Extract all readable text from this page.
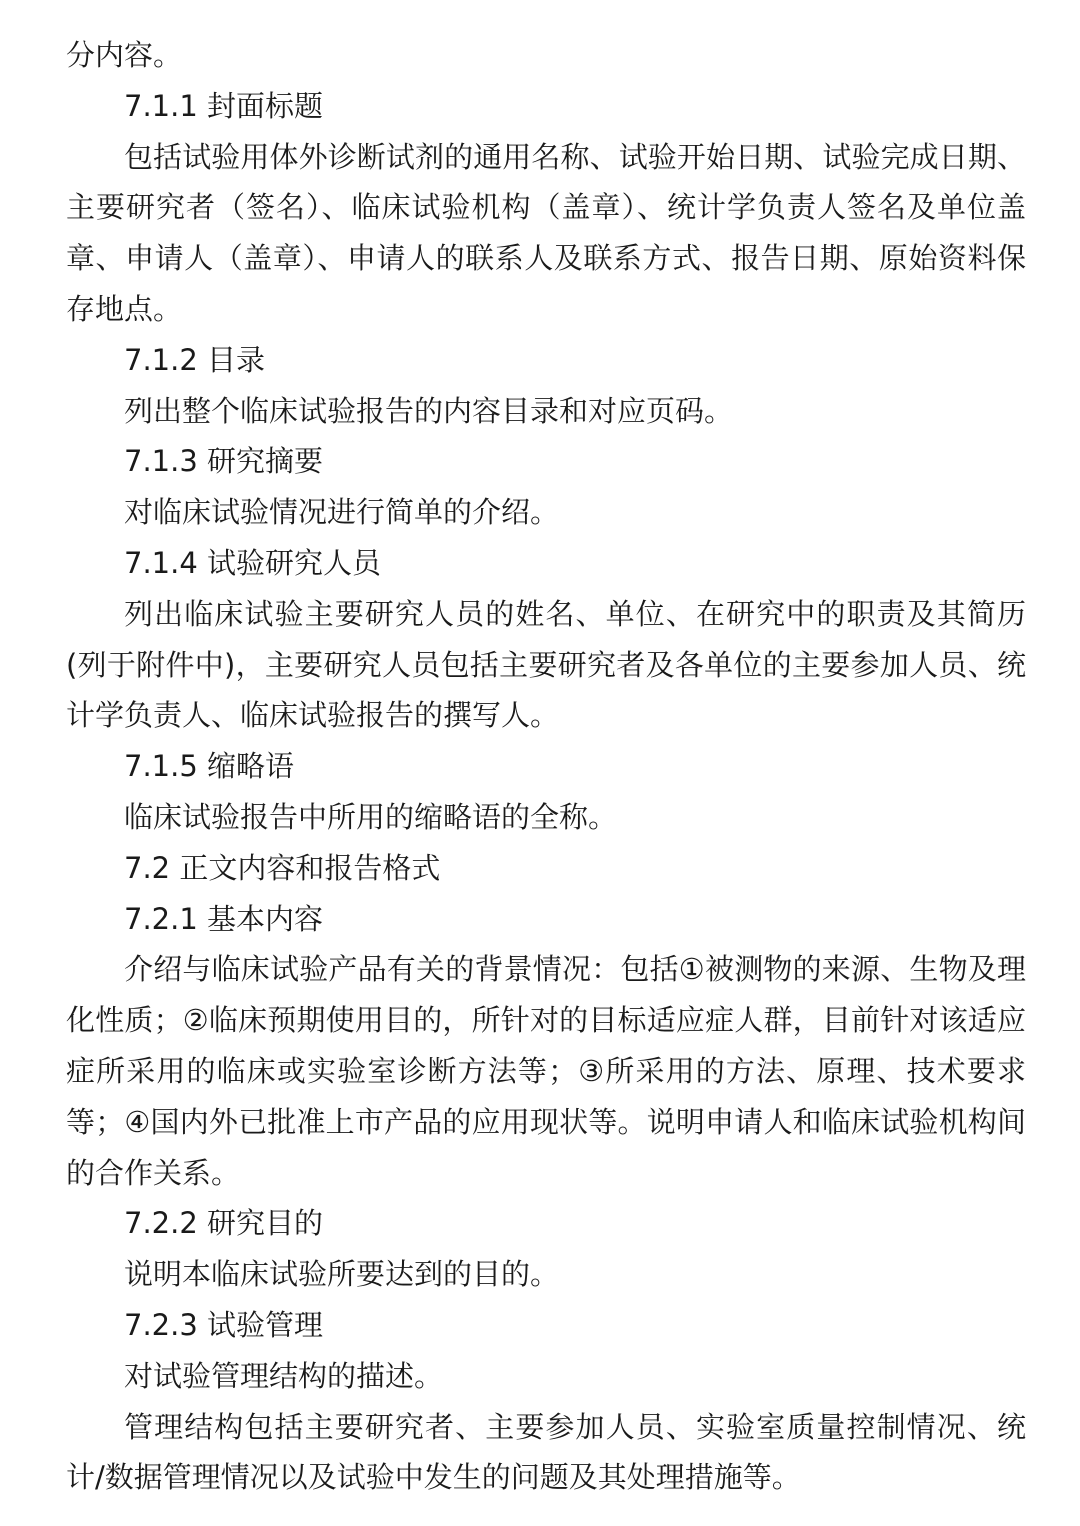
分内容。

7.1.1 封面标题

包括试验用体外诊断试剂的通用名称、试验开始日期、试验完成日期、主要研究者（签名）、临床试验机构（盖章）、统计学负责人签名及单位盖章、申请人（盖章）、申请人的联系人及联系方式、报告日期、原始资料保存地点。

7.1.2 目录

列出整个临床试验报告的内容目录和对应页码。

7.1.3 研究摘要

对临床试验情况进行简单的介绍。

7.1.4 试验研究人员

列出临床试验主要研究人员的姓名、单位、在研究中的职责及其简历(列于附件中)，主要研究人员包括主要研究者及各单位的主要参加人员、统计学负责人、临床试验报告的撰写人。

7.1.5 缩略语

临床试验报告中所用的缩略语的全称。

7.2 正文内容和报告格式

7.2.1 基本内容

介绍与临床试验产品有关的背景情况：包括①被测物的来源、生物及理化性质；②临床预期使用目的，所针对的目标适应症人群，目前针对该适应症所采用的临床或实验室诊断方法等；③所采用的方法、原理、技术要求等；④国内外已批准上市产品的应用现状等。说明申请人和临床试验机构间的合作关系。

7.2.2 研究目的

说明本临床试验所要达到的目的。

7.2.3 试验管理

对试验管理结构的描述。

管理结构包括主要研究者、主要参加人员、实验室质量控制情况、统计/数据管理情况以及试验中发生的问题及其处理措施等。
